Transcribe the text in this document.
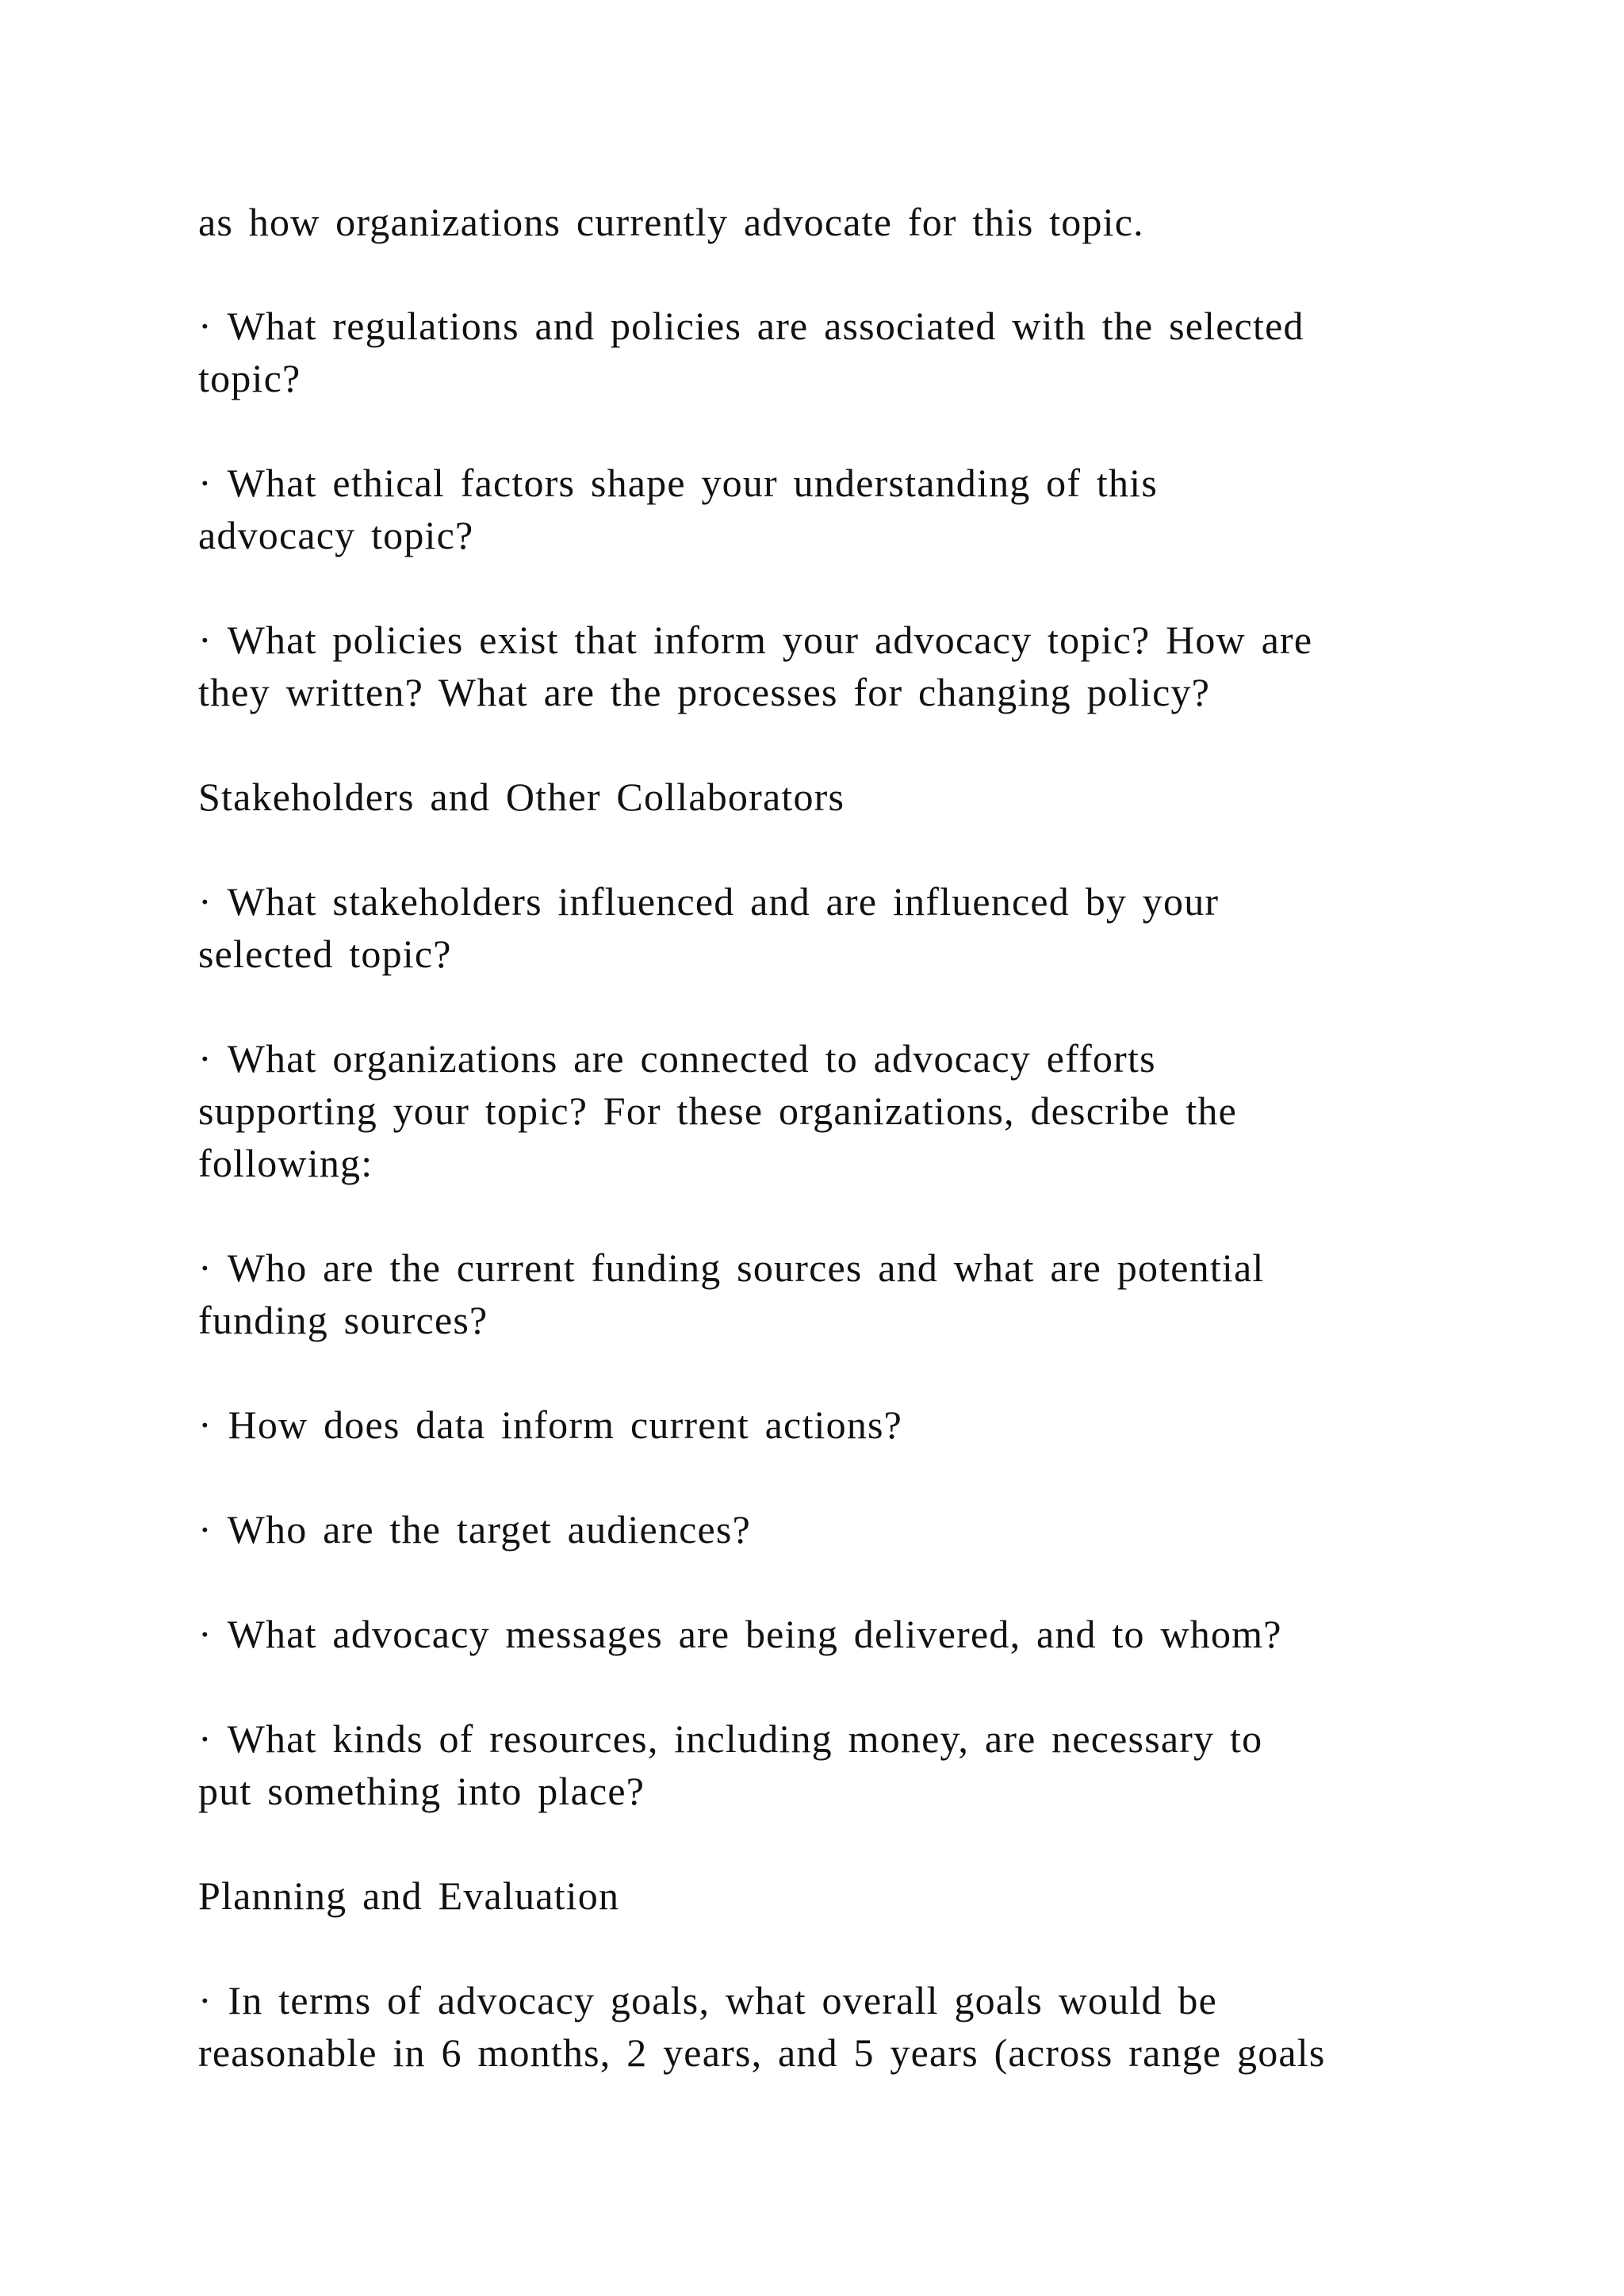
as how organizations currently advocate for this topic.
· What regulations and policies are associated with the selected
topic?
· What ethical factors shape your understanding of this
advocacy topic?
· What policies exist that inform your advocacy topic? How are
they written? What are the processes for changing policy?
Stakeholders and Other Collaborators
· What stakeholders influenced and are influenced by your
selected topic?
· What organizations are connected to advocacy efforts
supporting your topic? For these organizations, describe the
following:
· Who are the current funding sources and what are potential
funding sources?
· How does data inform current actions?
· Who are the target audiences?
· What advocacy messages are being delivered, and to whom?
· What kinds of resources, including money, are necessary to
put something into place?
Planning and Evaluation
· In terms of advocacy goals, what overall goals would be
reasonable in 6 months, 2 years, and 5 years (across range goals
